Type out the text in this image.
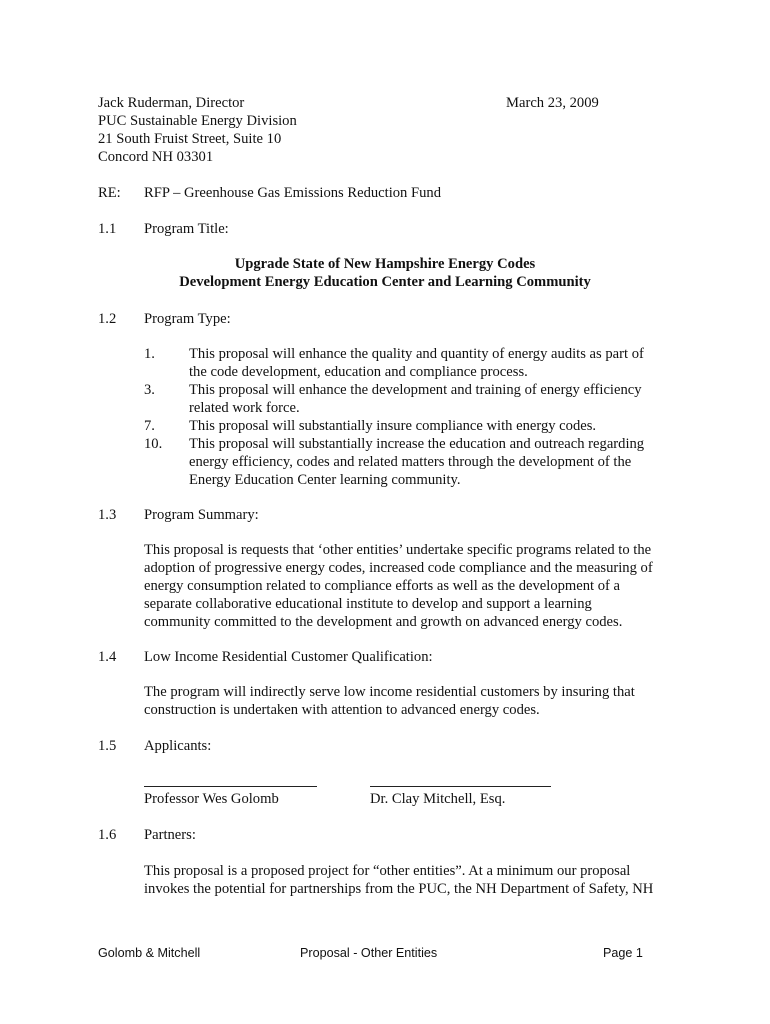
Jack Ruderman, Director
PUC Sustainable Energy Division
21 South Fruist Street, Suite 10
Concord NH 03301
March 23, 2009
RE: RFP – Greenhouse Gas Emissions Reduction Fund
1.1 Program Title:
Upgrade State of New Hampshire Energy Codes
Development Energy Education Center and Learning Community
1.2 Program Type:
1.	This proposal will enhance the quality and quantity of energy audits as part of
the code development, education and compliance process.
3.	This proposal will enhance the development and training of energy efficiency
related work force.
7.	This proposal will substantially insure compliance with energy codes.
10.	This proposal will substantially increase the education and outreach regarding
energy efficiency, codes and related matters through the development of the
Energy Education Center learning community.
1.3 Program Summary:
This proposal is requests that ‘other entities’ undertake specific programs related to the
adoption of progressive energy codes, increased code compliance and the measuring of
energy consumption related to compliance efforts as well as the development of a
separate collaborative educational institute to develop and support a learning
community committed to the development and growth on advanced energy codes.
1.4 Low Income Residential Customer Qualification:
The program will indirectly serve low income residential customers by insuring that
construction is undertaken with attention to advanced energy codes.
1.5 Applicants:
Professor Wes Golomb	Dr. Clay Mitchell, Esq.
1.6 Partners:
This proposal is a proposed project for “other entities”. At a minimum our proposal
invokes the potential for partnerships from the PUC, the NH Department of Safety, NH
Golomb & Mitchell	Proposal - Other Entities	Page 1
